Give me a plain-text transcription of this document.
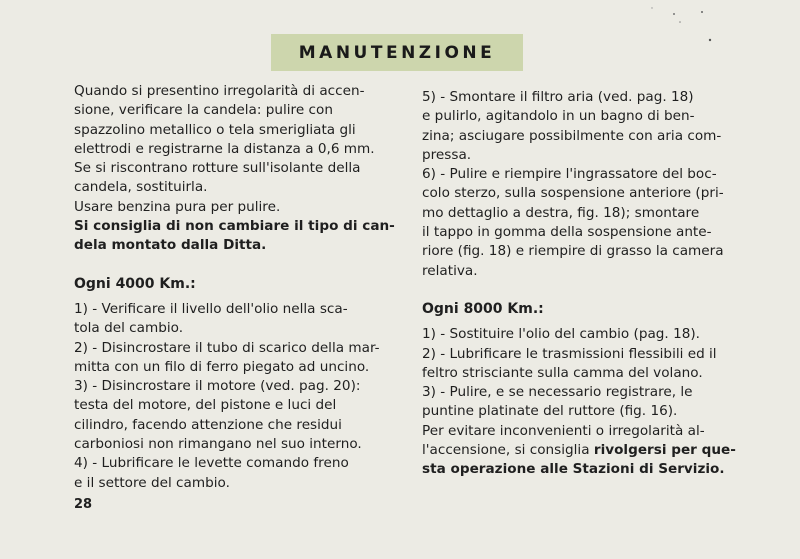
MANUTENZIONE

Quando si presentino irregolarità di accen-

sione, verificare la candela: pulire con

spazzolino metallico o tela smerigliata gli

elettrodi e registrarne la distanza a 0,6 mm.

Se si riscontrano rotture sull'isolante della

candela, sostituirla.

Usare benzina pura per pulire.

Si consiglia di non cambiare il tipo di can-

dela montato dalla Ditta.

Ogni 4000 Km.:

1) - Verificare il livello dell'olio nella sca-

tola del cambio.

2) - Disincrostare il tubo di scarico della mar-

mitta con un filo di ferro piegato ad uncino.

3) - Disincrostare il motore (ved. pag. 20):

testa del motore, del pistone e luci del

cilindro, facendo attenzione che residui

carboniosi non rimangano nel suo interno.

4) - Lubrificare le levette comando freno

e il settore del cambio.

5) - Smontare il filtro aria (ved. pag. 18)

e pulirlo, agitandolo in un bagno di ben-

zina; asciugare possibilmente con aria com-

pressa.

6) - Pulire e riempire l'ingrassatore del boc-

colo sterzo, sulla sospensione anteriore (pri-

mo dettaglio a destra, fig. 18); smontare

il tappo in gomma della sospensione ante-

riore (fig. 18) e riempire di grasso la camera

relativa.

Ogni 8000 Km.:

1) - Sostituire l'olio del cambio (pag. 18).

2) - Lubrificare le trasmissioni flessibili ed il

feltro strisciante sulla camma del volano.

3) - Pulire, e se necessario registrare, le

puntine platinate del ruttore (fig. 16).

Per evitare inconvenienti o irregolarità al-

l'accensione, si consiglia rivolgersi per que-

sta operazione alle Stazioni di Servizio.

28
